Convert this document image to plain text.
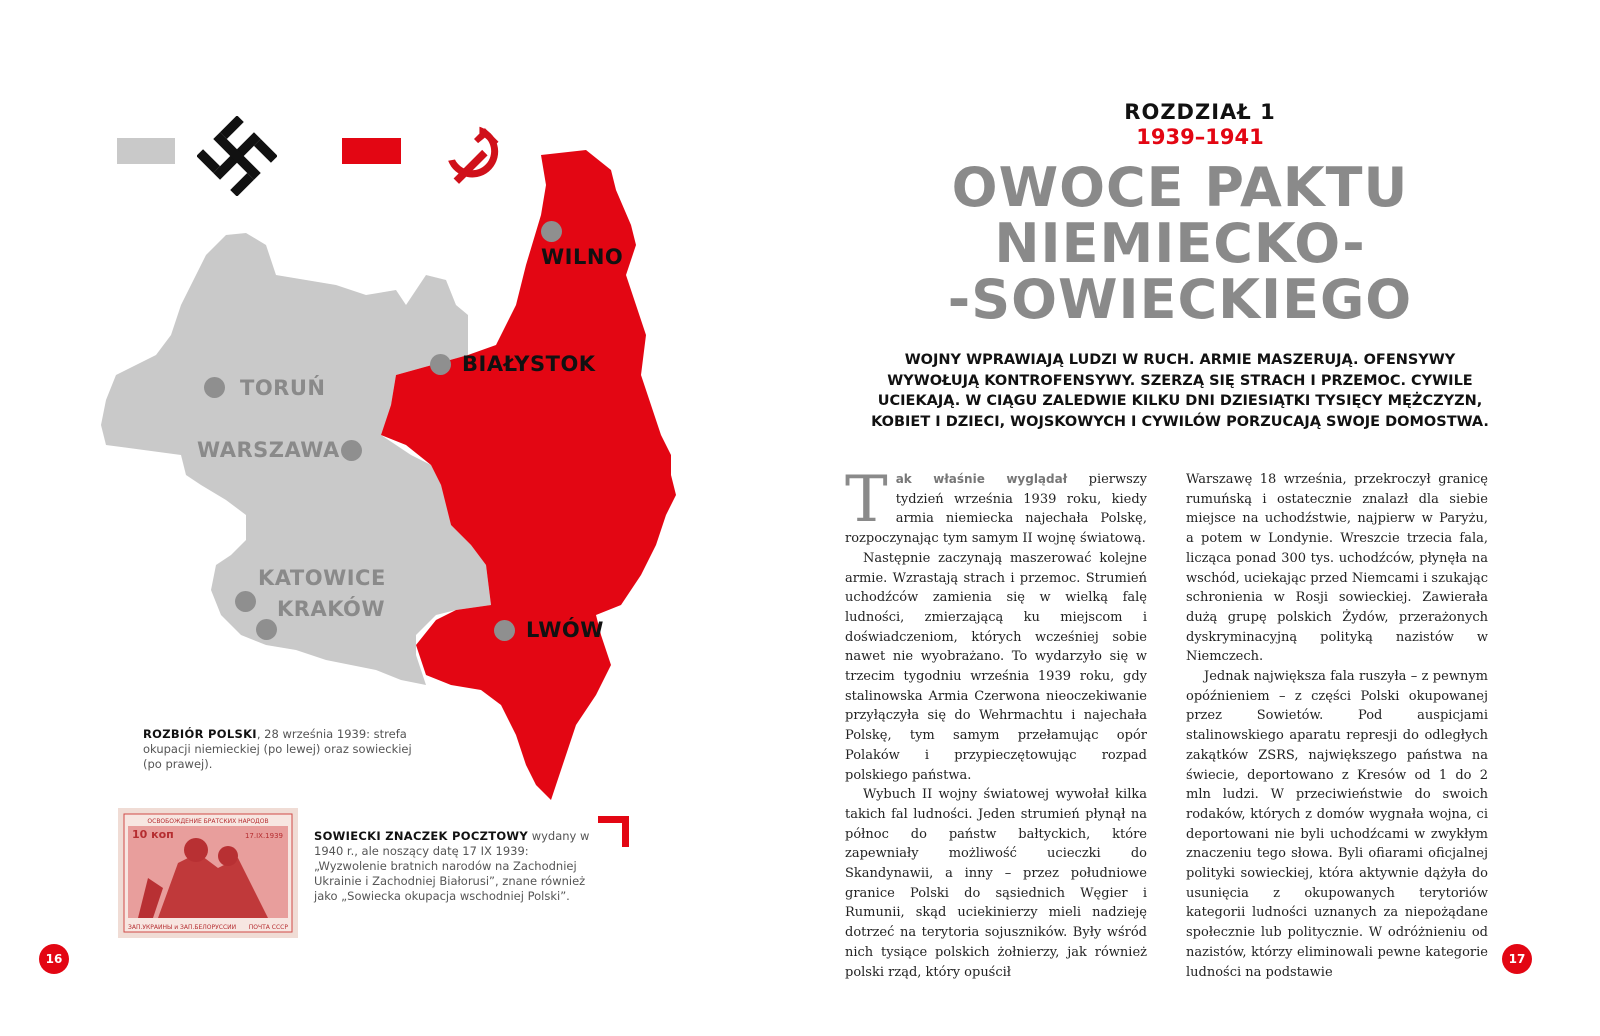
WILNO
BIAŁYSTOK
TORUŃ
WARSZAWA
KATOWICE
KRAKÓW
LWÓW
ROZBIÓR POLSKI, 28 września 1939: strefa okupacji niemieckiej (po lewej) oraz sowieckiej (po prawej).
ОСВОБОЖДЕНИЕ БРАТСКИХ НАРОДОВ
10 коп	17.IX.1939
ЗАП.УКРАИНЫ и ЗАП.БЕЛОРУССИИ ПОЧТА СССР
SOWIECKI ZNACZEK POCZTOWY wydany w 1940 r., ale noszący datę 17 IX 1939: „Wyzwolenie bratnich narodów na Zachodniej Ukrainie i Zachodniej Białorusi”, znane również jako „Sowiecka okupacja wschodniej Polski”.
16
ROZDZIAŁ 1
1939–1941
OWOCE PAKTU
NIEMIECKO-
-SOWIECKIEGO
WOJNY WPRAWIAJĄ LUDZI W RUCH. ARMIE MASZERUJĄ. OFENSYWY WYWOŁUJĄ KONTROFENSYWY. SZERZĄ SIĘ STRACH I PRZEMOC. CYWILE UCIEKAJĄ. W CIĄGU ZALEDWIE KILKU DNI DZIESIĄTKI TYSIĘCY MĘŻCZYZN, KOBIET I DZIECI, WOJSKOWYCH I CYWILÓW PORZUCAJĄ SWOJE DOMOSTWA.

Tak właśnie wyglądał pierwszy tydzień września 1939 roku, kiedy armia niemiecka najechała Polskę, rozpoczynając tym samym II wojnę światową.

Następnie zaczynają maszerować kolejne armie. Wzrastają strach i przemoc. Strumień uchodźców zamienia się w wielką falę ludności, zmierzającą ku miejscom i doświadczeniom, których wcześniej sobie nawet nie wyobrażano. To wydarzyło się w trzecim tygodniu września 1939 roku, gdy stalinowska Armia Czerwona nieoczekiwanie przyłączyła się do Wehrmachtu i najechała Polskę, tym samym przełamując opór Polaków i przypieczętowując rozpad polskiego państwa.

Wybuch II wojny światowej wywołał kilka takich fal ludności. Jeden strumień płynął na północ do państw bałtyckich, które zapewniały możliwość ucieczki do Skandynawii, a inny – przez południowe granice Polski do sąsiednich Węgier i Rumunii, skąd uciekinierzy mieli nadzieję dotrzeć na terytoria sojuszników. Były wśród nich tysiące polskich żołnierzy, jak również polski rząd, który opuścił

Warszawę 18 września, przekroczył granicę rumuńską i ostatecznie znalazł dla siebie miejsce na uchodźstwie, najpierw w Paryżu, a potem w Londynie. Wreszcie trzecia fala, licząca ponad 300 tys. uchodźców, płynęła na wschód, uciekając przed Niemcami i szukając schronienia w Rosji sowieckiej. Zawierała dużą grupę polskich Żydów, przerażonych dyskryminacyjną polityką nazistów w Niemczech.

Jednak największa fala ruszyła – z pewnym opóźnieniem – z części Polski okupowanej przez Sowietów. Pod auspicjami stalinowskiego aparatu represji do odległych zakątków ZSRS, największego państwa na świecie, deportowano z Kresów od 1 do 2 mln ludzi. W przeciwieństwie do swoich rodaków, których z domów wygnała wojna, ci deportowani nie byli uchodźcami w zwykłym znaczeniu tego słowa. Byli ofiarami oficjalnej polityki sowieckiej, która aktywnie dążyła do usunięcia z okupowanych terytoriów kategorii ludności uznanych za niepożądane społecznie lub politycznie. W odróżnieniu od nazistów, którzy eliminowali pewne kategorie ludności na podstawie

17
